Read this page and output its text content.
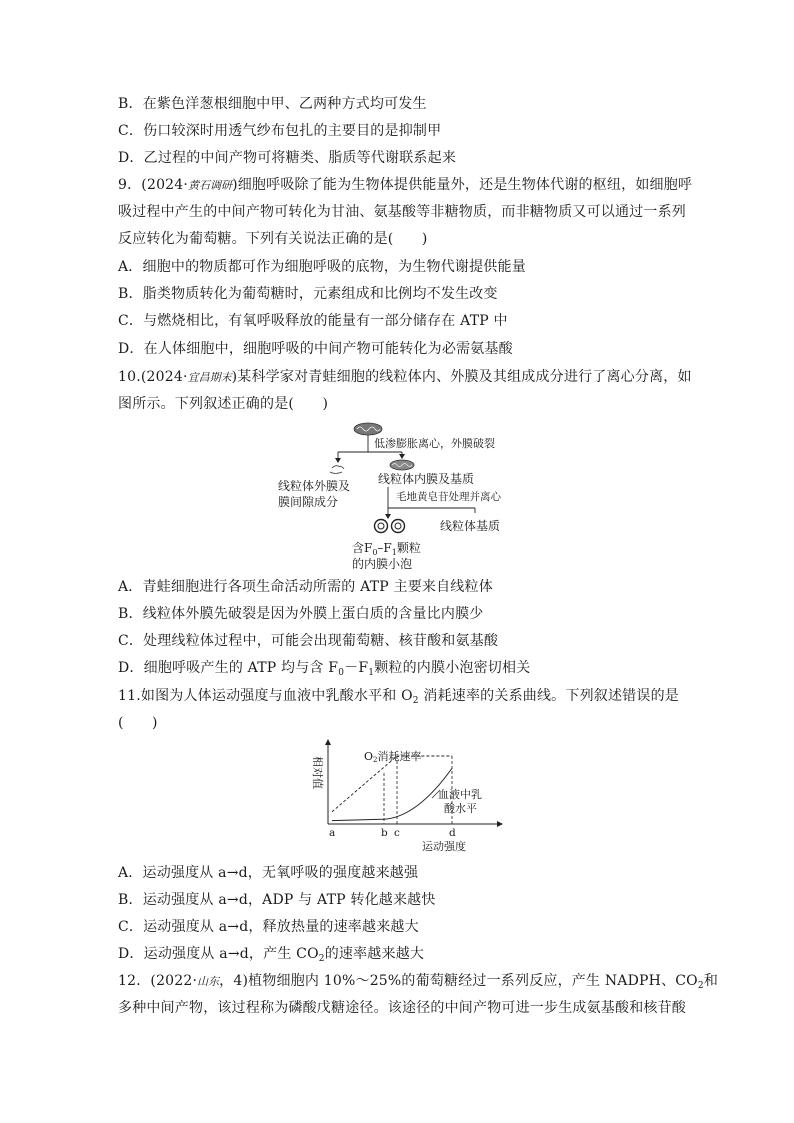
B．在紫色洋葱根细胞中甲、乙两种方式均可发生
C．伤口较深时用透气纱布包扎的主要目的是抑制甲
D．乙过程的中间产物可将糖类、脂质等代谢联系起来
9．(2024·黄石调研)细胞呼吸除了能为生物体提供能量外，还是生物体代谢的枢纽，如细胞呼
吸过程中产生的中间产物可转化为甘油、氨基酸等非糖物质，而非糖物质又可以通过一系列
反应转化为葡萄糖。下列有关说法正确的是(　　)
A．细胞中的物质都可作为细胞呼吸的底物，为生物代谢提供能量
B．脂类物质转化为葡萄糖时，元素组成和比例均不发生改变
C．与燃烧相比，有氧呼吸释放的能量有一部分储存在 ATP 中
D．在人体细胞中，细胞呼吸的中间产物可能转化为必需氨基酸
10.(2024·宜昌期末)某科学家对青蛙细胞的线粒体内、外膜及其组成成分进行了离心分离，如
图所示。下列叙述正确的是(　　)
低渗膨胀离心，外膜破裂
线粒体外膜及
膜间隙成分
线粒体内膜及基质
毛地黄皂苷处理并离心
线粒体基质
含$F_0-F_1$颗粒
的内膜小泡
A．青蛙细胞进行各项生命活动所需的 ATP 主要来自线粒体
B．线粒体外膜先破裂是因为外膜上蛋白质的含量比内膜少
C．处理线粒体过程中，可能会出现葡萄糖、核苷酸和氨基酸
D．细胞呼吸产生的 ATP 均与含 $F_0-F_1$颗粒的内膜小泡密切相关
11.如图为人体运动强度与血液中乳酸水平和 $O_2$ 消耗速率的关系曲线。下列叙述错误的是
(　　)
相对值
a	b c	d
O2消耗速率
血液中乳
酸水平
运动强度
A．运动强度从 a→d，无氧呼吸的强度越来越强
B．运动强度从 a→d，ADP 与 ATP 转化越来越快
C．运动强度从 a→d，释放热量的速率越来越大
D．运动强度从 a→d，产生 $CO_2$的速率越来越大
12．(2022·山东，4)植物细胞内 10%～25%的葡萄糖经过一系列反应，产生 NADPH、$CO_2$和
多种中间产物，该过程称为磷酸戊糖途径。该途径的中间产物可进一步生成氨基酸和核苷酸
